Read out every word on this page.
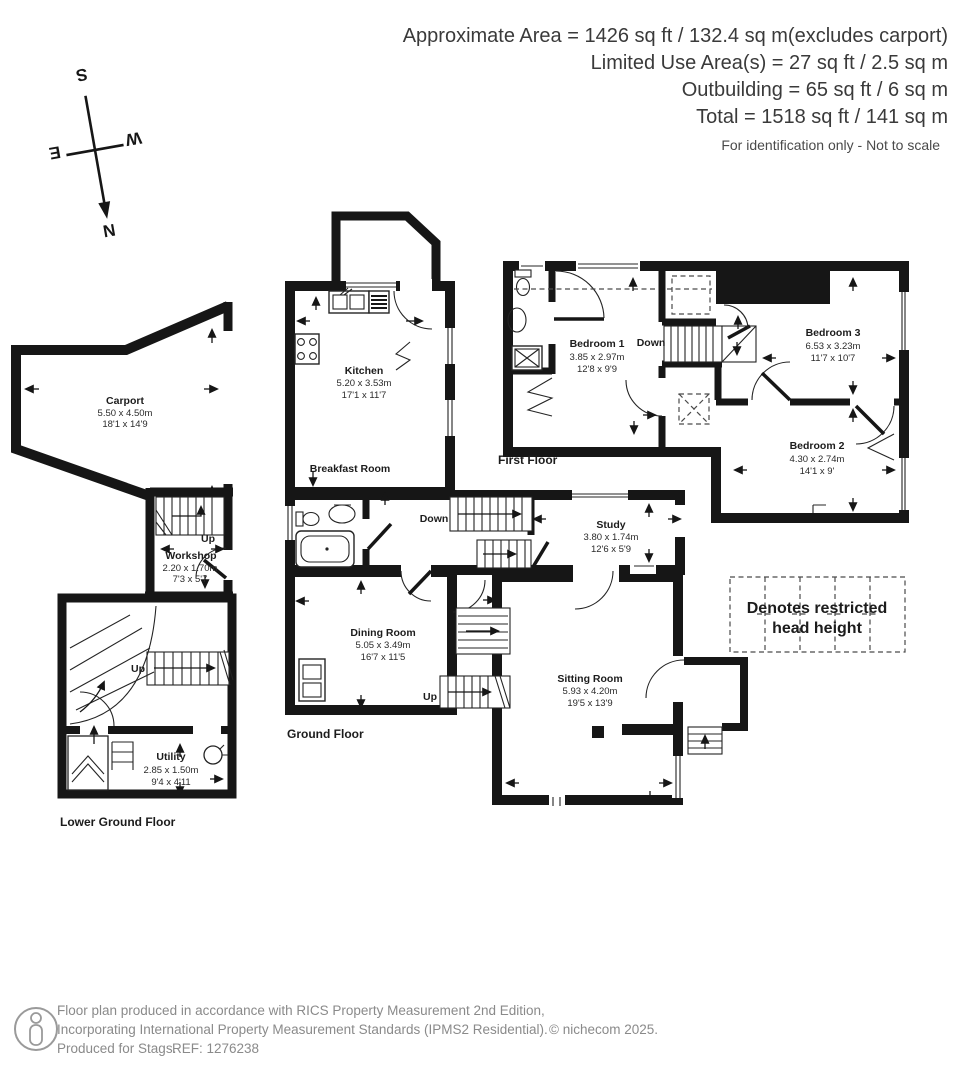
Approximate Area = 1426 sq ft / 132.4 sq m(excludes carport)
Limited Use Area(s) = 27 sq ft / 2.5 sq m
Outbuilding = 65 sq ft / 6 sq m
Total = 1518 sq ft / 141 sq m
For identification only - Not to scale
N
S
E
W
Carport
5.50 x 4.50m
18'1 x 14'9
Up
Workshop
2.20 x 1.70m
7'3 x 5'7
Up
Utility
2.85 x 1.50m
9'4 x 4'11
Lower Ground Floor
Kitchen
5.20 x 3.53m
17'1 x 11'7
Breakfast Room
Down	Study
3.80 x 1.74m
12'6 x 5'9
Dining Room
5.05 x 3.49m
16'7 x 11'5
Up
Ground Floor
Sitting Room
5.93 x 4.20m
19'5 x 13'9
Bedroom 1
3.85 x 2.97m
12'8 x 9'9
Down
Bedroom 3
6.53 x 3.23m
11'7 x 10'7
Bedroom 2
4.30 x 2.74m
14'1 x 9'
First Floor
Denotes restricted
head height
Floor plan produced in accordance with RICS Property Measurement 2nd Edition,
Incorporating International Property Measurement Standards (IPMS2 Residential). © nichecom 2025.
Produced for Stags.
REF: 1276238
